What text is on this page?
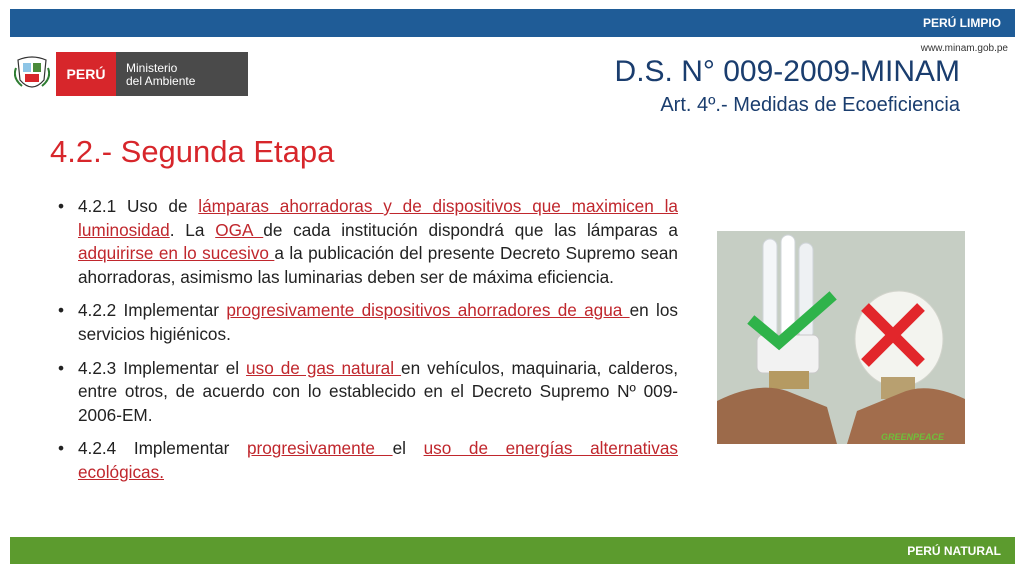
PERÚ LIMPIO
www.minam.gob.pe
PERÚ	Ministerio
del Ambiente	D.S. N° 009-2009-MINAM
Art. 4º.- Medidas de Ecoeficiencia
4.2.- Segunda Etapa
• 4.2.1 Uso de lámparas ahorradoras y de dispositivos que maximicen la luminosidad. La OGA de cada institución dispondrá que las lámparas a adquirirse en lo sucesivo a la publicación del presente Decreto Supremo sean ahorradoras, asimismo las luminarias deben ser de máxima eficiencia.
• 4.2.2 Implementar progresivamente dispositivos ahorradores de agua en los servicios higiénicos.
• 4.2.3 Implementar el uso de gas natural en vehículos, maquinaria, calderos, entre otros, de acuerdo con lo establecido en el Decreto Supremo Nº 009-2006-EM.
• 4.2.4 Implementar progresivamente el uso de energías alternativas ecológicas.
GREENPEACE
PERÚ NATURAL
